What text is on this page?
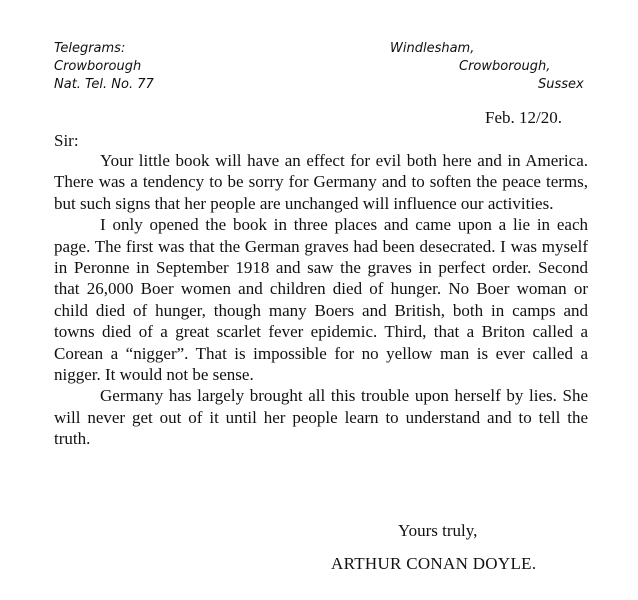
Telegrams:
Crowborough
Nat. Tel. No. 77
Windlesham,
Crowborough,
Sussex
Feb. 12/20.
Sir:

Your little book will have an effect for evil both here and in America. There was a tendency to be sorry for Germany and to soften the peace terms, but such signs that her people are unchanged will influence our activities.

I only opened the book in three places and came upon a lie in each page. The first was that the German graves had been desecrated. I was myself in Peronne in September 1918 and saw the graves in perfect order. Second that 26,000 Boer women and children died of hunger. No Boer woman or child died of hunger, though many Boers and British, both in camps and towns died of a great scarlet fever epidemic. Third, that a Briton called a Corean a “nigger”. That is impossible for no yellow man is ever called a nigger. It would not be sense.

Germany has largely brought all this trouble upon herself by lies. She will never get out of it until her people learn to understand and to tell the truth.

Yours truly,
ARTHUR CONAN DOYLE.
